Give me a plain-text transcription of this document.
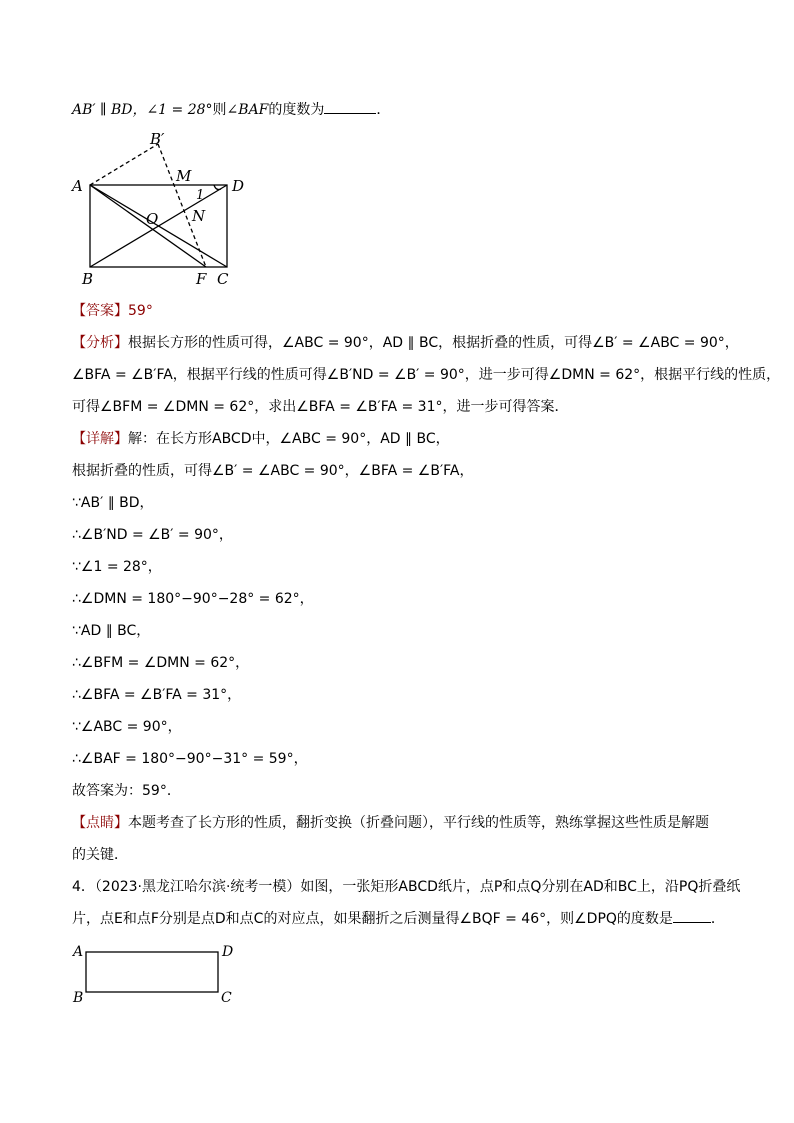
AB′ ∥ BD，∠1 = 28°则∠BAF的度数为	．
B′
A
M
D
1
O N
B	F C
【答案】59°
【分析】根据长方形的性质可得，∠ABC = 90°，AD ∥ BC，根据折叠的性质，可得∠B′ = ∠ABC = 90°，
∠BFA = ∠B′FA，根据平行线的性质可得∠B′ND = ∠B′ = 90°，进一步可得∠DMN = 62°，根据平行线的性质，
可得∠BFM = ∠DMN = 62°，求出∠BFA = ∠B′FA = 31°，进一步可得答案．
【详解】解：在长方形ABCD中，∠ABC = 90°，AD ∥ BC，
根据折叠的性质，可得∠B′ = ∠ABC = 90°，∠BFA = ∠B′FA，
∵AB′ ∥ BD，
∴∠B′ND = ∠B′ = 90°，
∵∠1 = 28°，
∴∠DMN = 180°−90°−28° = 62°，
∵AD ∥ BC，
∴∠BFM = ∠DMN = 62°，
∴∠BFA = ∠B′FA = 31°，
∵∠ABC = 90°，
∴∠BAF = 180°−90°−31° = 59°，
故答案为：59°．
【点睛】本题考查了长方形的性质，翻折变换（折叠问题），平行线的性质等，熟练掌握这些性质是解题
的关键．
4．（2023·黑龙江哈尔滨·统考一模）如图，一张矩形ABCD纸片，点P和点Q分别在AD和BC上，沿PQ折叠纸
片，点E和点F分别是点D和点C的对应点，如果翻折之后测量得∠BQF = 46°，则∠DPQ的度数是	．
A	D
B	C
